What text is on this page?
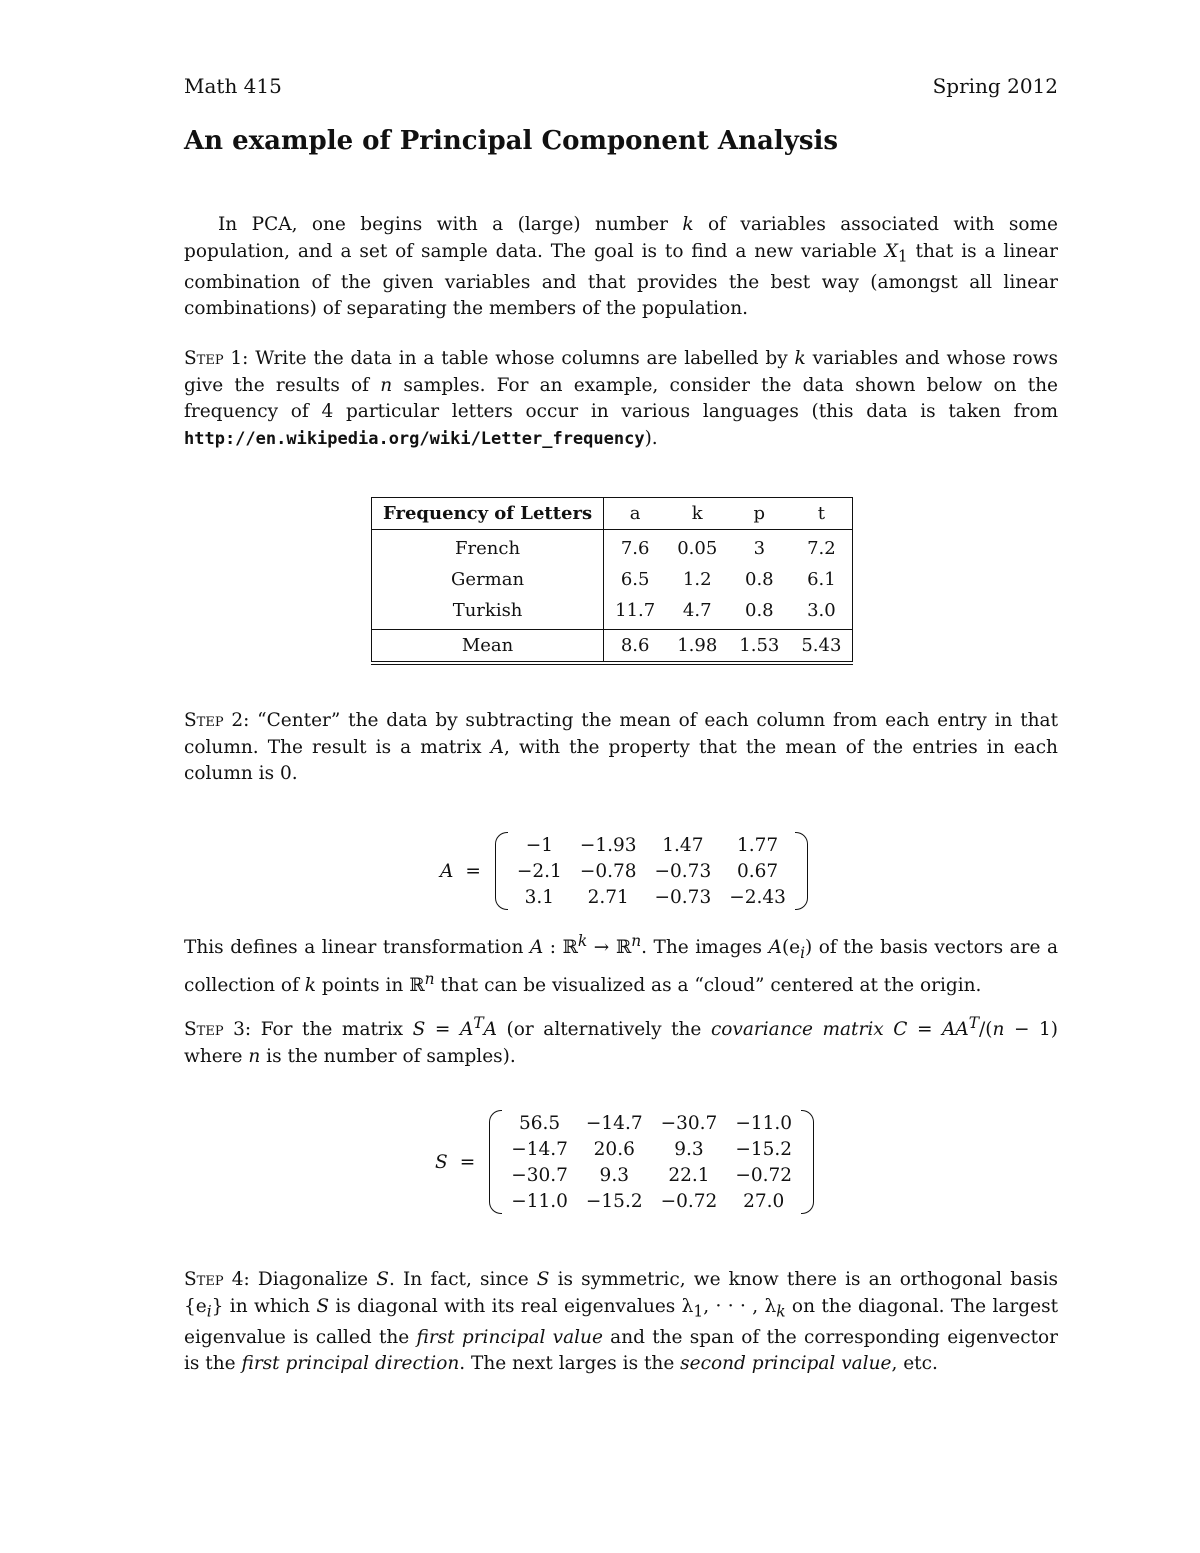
Math 415	Spring 2012
An example of Principal Component Analysis

In PCA, one begins with a (large) number k of variables associated with some population, and a set of sample data. The goal is to find a new variable $X_1$ that is a linear combination of the given variables and that provides the best way (amongst all linear combinations) of separating the members of the population.

Step 1: Write the data in a table whose columns are labelled by k variables and whose rows give the results of n samples. For an example, consider the data shown below on the frequency of 4 particular letters occur in various languages (this data is taken from http://en.wikipedia.org/wiki/Letter_frequency).

Frequency of Letters	a	k	p	t
French	7.6	0.05	3	7.2
German	6.5	1.2	0.8	6.1
Turkish	11.7	4.7	0.8	3.0
Mean	8.6	1.98	1.53	5.43

Step 2: “Center” the data by subtracting the mean of each column from each entry in that column. The result is a matrix A, with the property that the mean of the entries in each column is 0.

A =
−1	−1.93	1.47	1.77
−2.1	−0.78	−0.73	0.67
3.1	2.71	−0.73	−2.43

This defines a linear transformation A : ℝ$^k$ → ℝ$^n$. The images $A(e_i)$ of the basis vectors are a collection of k points in ℝ$^n$ that can be visualized as a “cloud” centered at the origin.

Step 3: For the matrix $S = A^TA$ (or alternatively the covariance matrix $C = AA^T/(n - 1)$ where n is the number of samples).

S =
56.5	−14.7	−30.7	−11.0
−14.7	20.6	9.3	−15.2
−30.7	9.3	22.1	−0.72
−11.0	−15.2	−0.72	27.0

Step 4: Diagonalize S. In fact, since S is symmetric, we know there is an orthogonal basis $\{e_i\}$ in which S is diagonal with its real eigenvalues $\lambda_1$, · · · , $\lambda_k$ on the diagonal. The largest eigenvalue is called the first principal value and the span of the corresponding eigenvector is the first principal direction. The next larges is the second principal value, etc.
